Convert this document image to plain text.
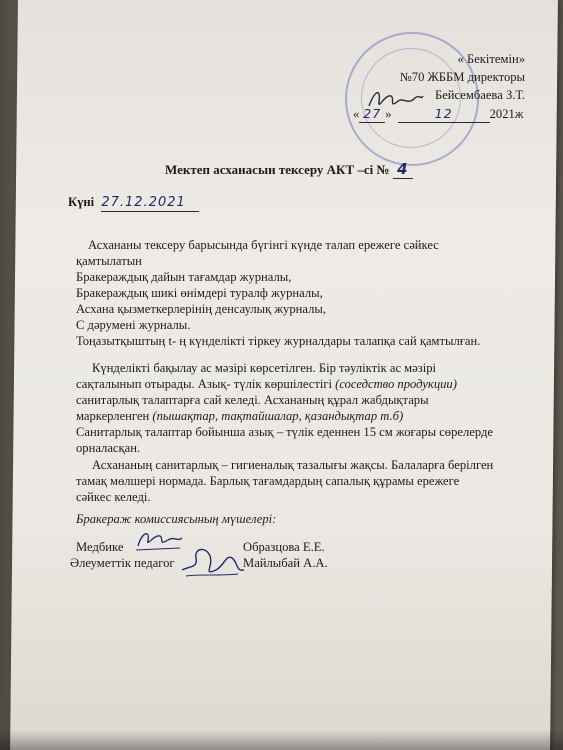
« Бекітемін»
№70 ЖББМ директоры
Бейсембаева З.Т.
« 27 »	12	2021ж
Мектеп асханасын тексеру АКТ –сі № 4
Күні 27.12.2021
Асхананы тексеру барысында бүгінгі күнде талап ережеге сәйкес
қамтылатын
Бракераждық дайын тағамдар журналы,
Бракераждық шикі өнімдері туралф журналы,
Асхана қызметкерлерінің денсаулық журналы,
С дәрумені журналы.
Тоңазытқыштың t- ң күнделікті тіркеу журналдары талапқа сай қамтылған.
Күнделікті бақылау ас мәзірі көрсетілген. Бір тәуліктік ас мәзірі
сақталынып отырады. Азық- түлік көршілестігі (соседство продукции)
санитарлық талаптарға сай келеді. Асхананың құрал жабдықтары
маркерленген (пышақтар, тақтайшалар, қазандықтар т.б)
Санитарлық талаптар бойынша азық – түлік еденнен 15 см жоғары сөрелерде
орналасқан.
Асхананың санитарлық – гигиеналық тазалығы жақсы. Балаларға берілген
тамақ мөлшері нормада. Барлық тағамдардың сапалық құрамы ережеге
сәйкес келеді.
Бракераж комиссиясының мүшелері:
Медбике	Образцова Е.Е.
Әлеуметтік педагог	Майлыбай А.А.
